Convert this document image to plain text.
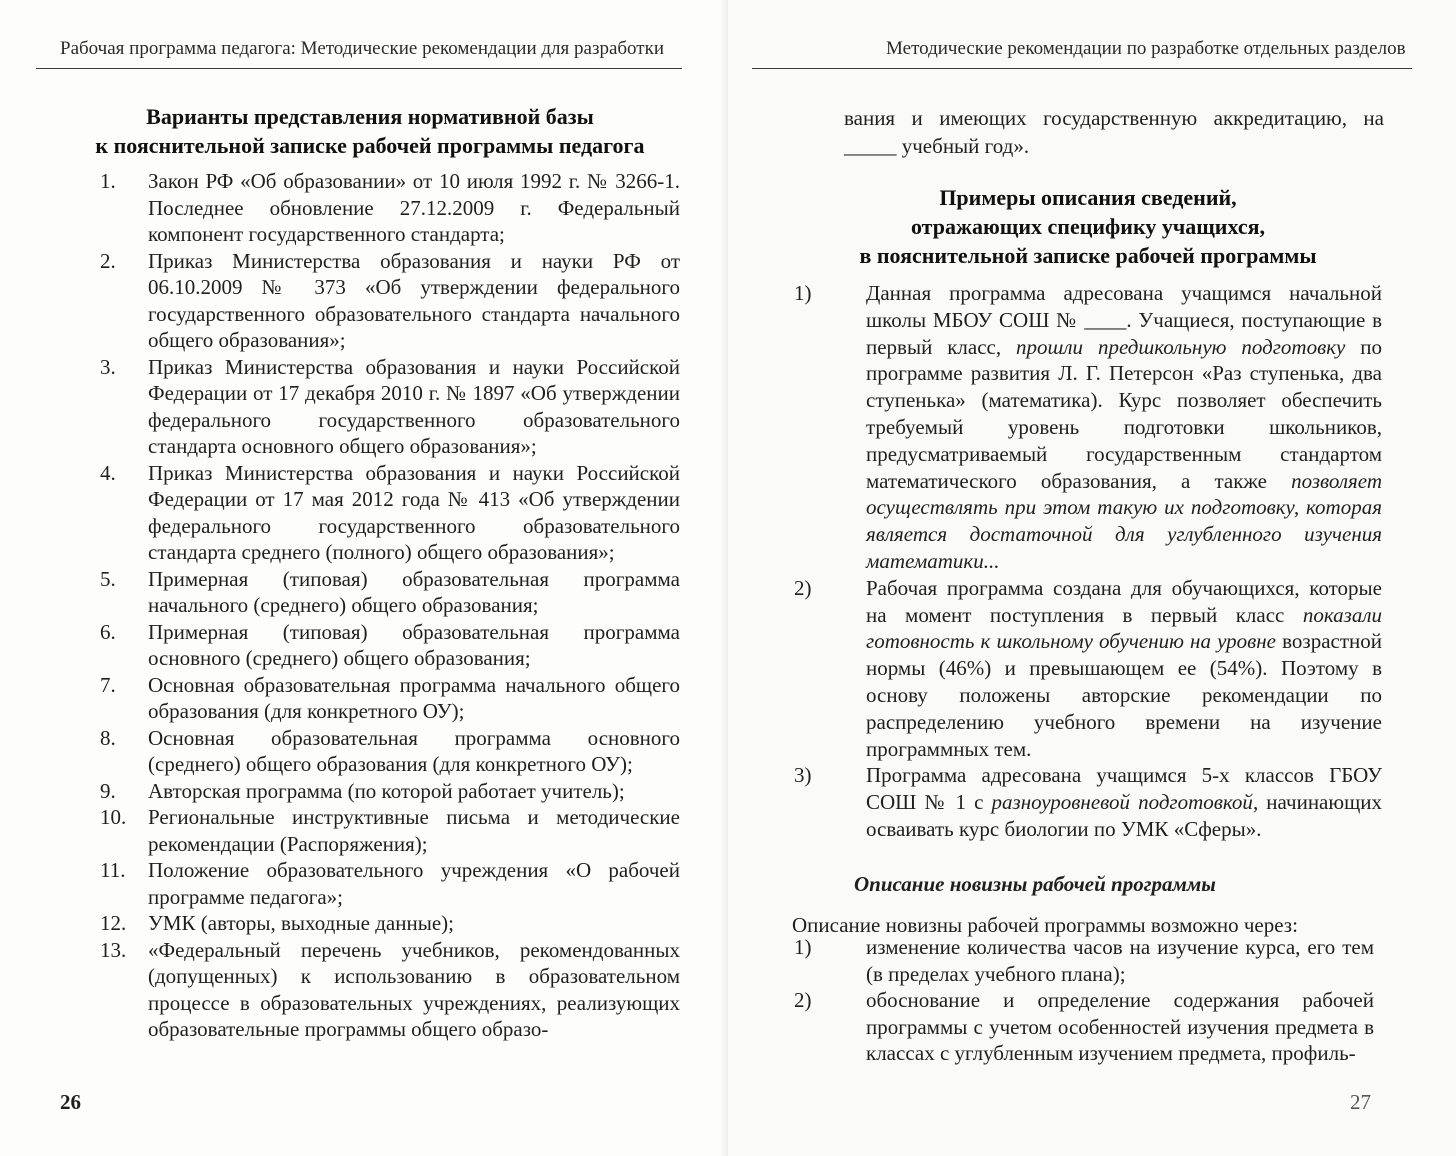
Рабочая программа педагога: Методические рекомендации для разработки
Варианты представления нормативной базы
к пояснительной записке рабочей программы педагога
1. Закон РФ «Об образовании» от 10 июля 1992 г. № 3266-1. Последнее обновление 27.12.2009 г. Федеральный компонент государственного стандарта;
2. Приказ Министерства образования и науки РФ от 06.10.2009 № 373 «Об утверждении федерального государственного образовательного стандарта начального общего образования»;
3. Приказ Министерства образования и науки Российской Федерации от 17 декабря 2010 г. № 1897 «Об утверждении федерального государственного образовательного стандарта основного общего образования»;
4. Приказ Министерства образования и науки Российской Федерации от 17 мая 2012 года № 413 «Об утверждении федерального государственного образовательного стандарта среднего (полного) общего образования»;
5. Примерная (типовая) образовательная программа начального (среднего) общего образования;
6. Примерная (типовая) образовательная программа основного (среднего) общего образования;
7. Основная образовательная программа начального общего образования (для конкретного ОУ);
8. Основная образовательная программа основного (среднего) общего образования (для конкретного ОУ);
9. Авторская программа (по которой работает учитель);
10. Региональные инструктивные письма и методические рекомендации (Распоряжения);
11. Положение образовательного учреждения «О рабочей программе педагога»;
12. УМК (авторы, выходные данные);
13. «Федеральный перечень учебников, рекомендованных (допущенных) к использованию в образовательном процессе в образовательных учреждениях, реализующих образовательные программы общего образо-
26
Методические рекомендации по разработке отдельных разделов
вания и имеющих государственную аккредитацию, на _____ учебный год».
Примеры описания сведений,
отражающих специфику учащихся,
в пояснительной записке рабочей программы
1)	Данная программа адресована учащимся начальной школы МБОУ СОШ № ____. Учащиеся, поступающие в первый класс, прошли предшкольную подготовку по программе развития Л. Г. Петерсон «Раз ступенька, два ступенька» (математика). Курс позволяет обеспечить требуемый уровень подготовки школьников, предусматриваемый государственным стандартом математического образования, а также позволяет осуществлять при этом такую их подготовку, которая является достаточной для углубленного изучения математики...
2)	Рабочая программа создана для обучающихся, которые на момент поступления в первый класс показали готовность к школьному обучению на уровне возрастной нормы (46%) и превышающем ее (54%). Поэтому в основу положены авторские рекомендации по распределению учебного времени на изучение программных тем.
3)	Программа адресована учащимся 5-х классов ГБОУ СОШ № 1 с разноуровневой подготовкой, начинающих осваивать курс биологии по УМК «Сферы».
Описание новизны рабочей программы
Описание новизны рабочей программы возможно через:
1)	изменение количества часов на изучение курса, его тем (в пределах учебного плана);
2)	обоснование и определение содержания рабочей программы с учетом особенностей изучения предмета в классах с углубленным изучением предмета, профиль-
27
